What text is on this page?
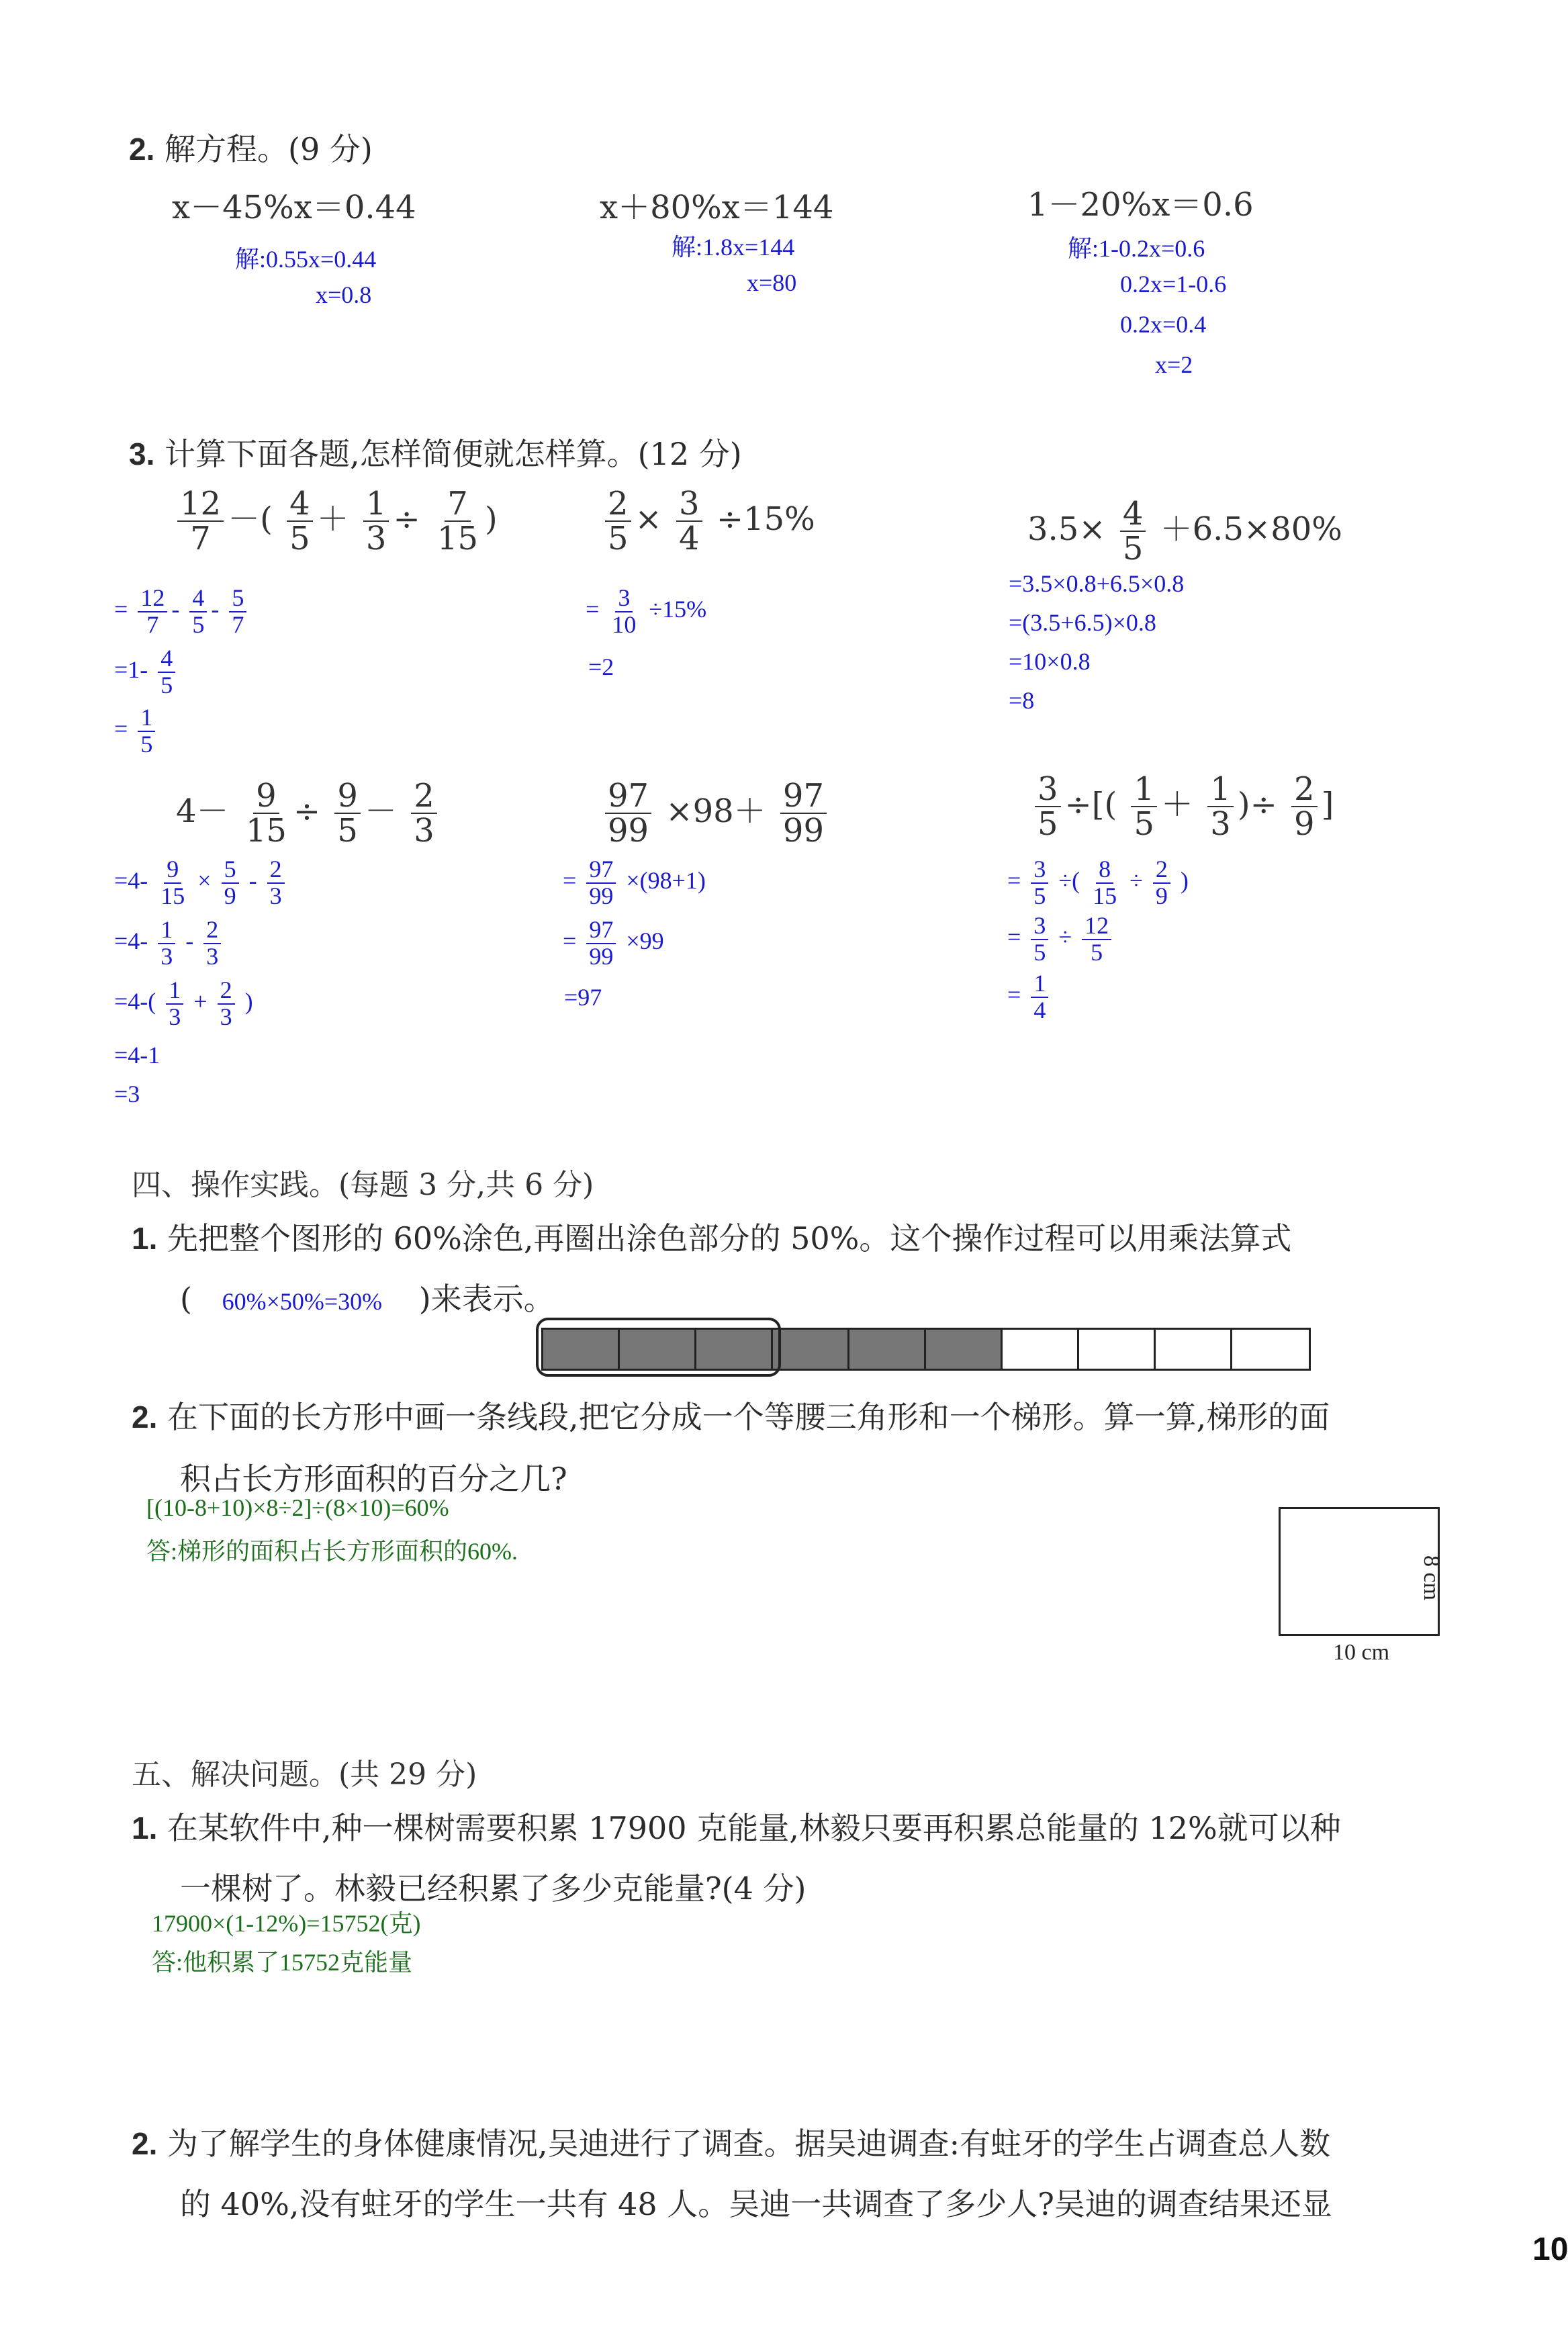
2. 解方程。(9 分)
x－45%x＝0.44
解:0.55x=0.44
x=0.8
x＋80%x＝144
解:1.8x=144
x=80
1－20%x＝0.6
解:1-0.2x=0.6
0.2x=1-0.6
0.2x=0.4
x=2
3. 计算下面各题,怎样简便就怎样算。(12 分)
$\frac{12}{7}$ －( $\frac{4}{5} + \frac{1}{3} \div \frac{7}{15}$ )
= $\frac{12}{7} - \frac{4}{5} - \frac{5}{7}$
$=1- \frac{4}{5}$
= $\frac{1}{5}$
$\frac{2}{5} \times \frac{3}{4} \div 15\%$
= $\frac{3}{10} \div 15\%$
=2
$3.5\times \frac{4}{5} +6.5\times 80\%$
=3.5×0.8+6.5×0.8
=(3.5+6.5)×0.8
=10×0.8
=8
$4- \frac{9}{15} \div \frac{9}{5} - \frac{2}{3}$
$=4- \frac{9}{15} \times \frac{5}{9} - \frac{2}{3}$
$=4- \frac{1}{3} - \frac{2}{3}$
$=4-( \frac{1}{3} + \frac{2}{3}$ )
=4-1
=3
$\frac{97}{99} \times 98+ \frac{97}{99}$
= $\frac{97}{99} \times(98+1)$
= $\frac{97}{99} \times 99$
=97
$\frac{3}{5}$ ÷[( $\frac{1}{5} + \frac{1}{3}$ )÷ $\frac{2}{9}$ ]
= $\frac{3}{5}$ ÷( $\frac{8}{15} \div \frac{2}{9}$ )
= $\frac{3}{5} \div \frac{12}{5}$
= $\frac{1}{4}$
四、操作实践。(每题 3 分,共 6 分)
1. 先把整个图形的 60%涂色,再圈出涂色部分的 50%。这个操作过程可以用乘法算式
( 60%×50%=30% )来表示。
2. 在下面的长方形中画一条线段,把它分成一个等腰三角形和一个梯形。算一算,梯形的面
积占长方形面积的百分之几?
[(10-8+10)×8÷2]÷(8×10)=60%
答:梯形的面积占长方形面积的60%.
8 cm
10 cm
五、解决问题。(共 29 分)
1. 在某软件中,种一棵树需要积累 17900 克能量,林毅只要再积累总能量的 12%就可以种
一棵树了。林毅已经积累了多少克能量?(4 分)
17900×(1-12%)=15752(克)
答:他积累了15752克能量
2. 为了解学生的身体健康情况,吴迪进行了调查。据吴迪调查:有蛀牙的学生占调查总人数
的 40%,没有蛀牙的学生一共有 48 人。吴迪一共调查了多少人?吴迪的调查结果还显
10
